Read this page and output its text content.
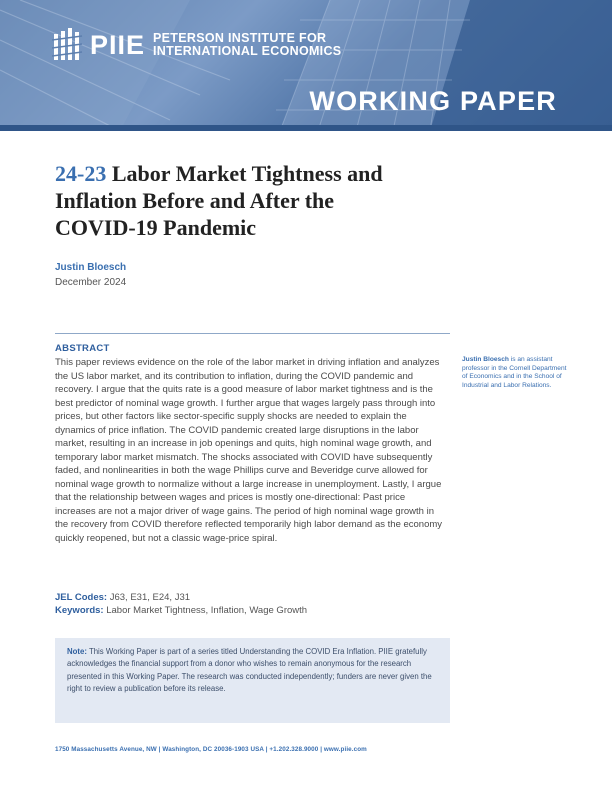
PIIE PETERSON INSTITUTE FOR
INTERNATIONAL ECONOMICS
WORKING PAPER
24-23 Labor Market Tightness and Inflation Before and After the COVID-19 Pandemic
Justin Bloesch
December 2024
ABSTRACT

This paper reviews evidence on the role of the labor market in driving inflation and analyzes the US labor market, and its contribution to inflation, during the COVID pandemic and recovery. I argue that the quits rate is a good measure of labor market tightness and is the best predictor of nominal wage growth. I further argue that wages largely pass through into prices, but other factors like sector-specific supply shocks are needed to explain the dynamics of price inflation. The COVID pandemic created large disruptions in the labor market, resulting in an increase in job openings and quits, high nominal wage growth, and temporary labor market mismatch. The shocks associated with COVID have subsequently faded, and nonlinearities in both the wage Phillips curve and Beveridge curve allowed for nominal wage growth to normalize without a large increase in unemployment. Lastly, I argue that the relationship between wages and prices is mostly one-directional: Past price increases are not a major driver of wage gains. The period of high nominal wage growth in the recovery from COVID therefore reflected temporarily high labor demand as the economy quickly reopened, but not a classic wage-price spiral.

Justin Bloesch is an assistant professor in the Cornell Department of Economics and in the School of Industrial and Labor Relations.

JEL Codes: J63, E31, E24, J31
Keywords: Labor Market Tightness, Inflation, Wage Growth

Note: This Working Paper is part of a series titled Understanding the COVID Era Inflation. PIIE gratefully acknowledges the financial support from a donor who wishes to remain anonymous for the research presented in this Working Paper. The research was conducted independently; funders are never given the right to review a publication before its release.

1750 Massachusetts Avenue, NW | Washington, DC 20036-1903 USA | +1.202.328.9000 | www.piie.com
